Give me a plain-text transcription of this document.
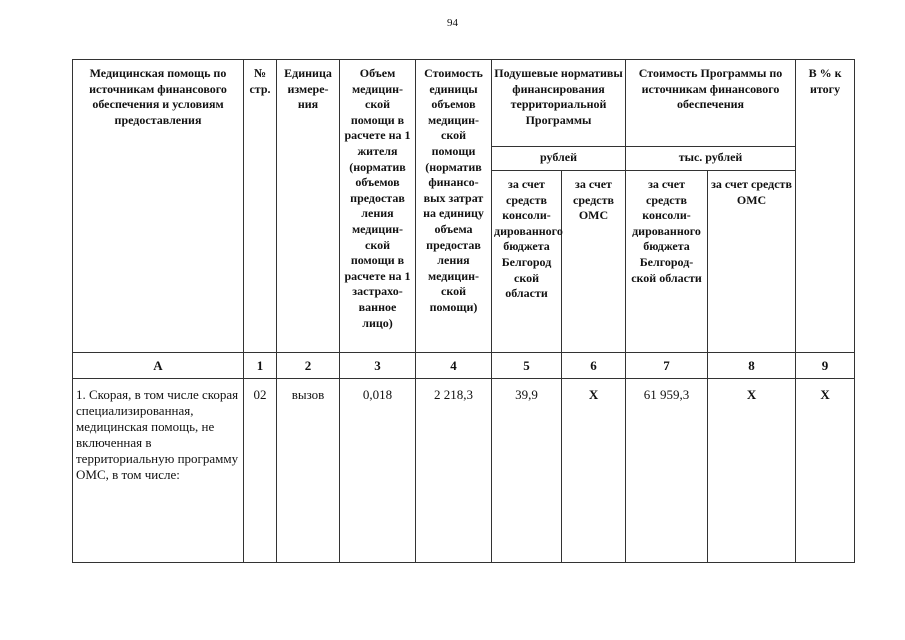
94
Медицинская помощь по источникам финансового обеспечения и условиям предоставления	№ стр.	Единица измере-ния	Объем медицин-ской помощи в расчете на 1 жителя (норматив объемов предостав ления медицин-ской помощи в расчете на 1 застрахо-ванное лицо)	Стоимость единицы объемов медицин-ской помощи (норматив финансо-вых затрат на единицу объема предостав ления медицин-ской помощи)	Подушевые нормативы финансирования территориальной Программы		Стоимость Программы по источникам финансового обеспечения		В % к итогу
					рублей		тыс. рублей		
					за счет средств консоли-дированного бюджета Белгород ской области	за счет средств ОМС	за счет средств консоли-дированного бюджета Белгород-ской области	за счет средств ОМС	
А	1	2	3	4	5	6	7	8	9
1. Скорая, в том числе скорая специализированная, медицинская помощь, не включенная в территориальную программу ОМС, в том числе:	02	вызов	0,018	2 218,3	39,9	Х	61 959,3	Х	Х
